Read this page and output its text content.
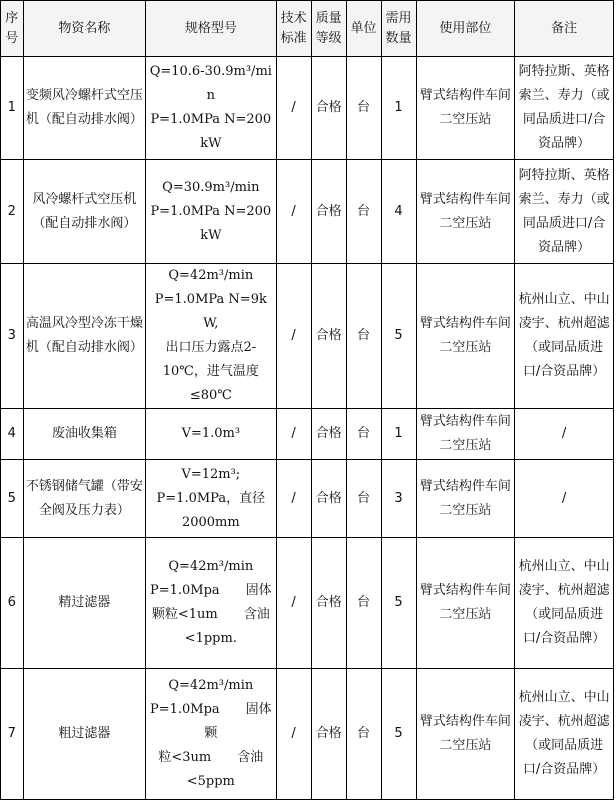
序号	物资名称	规格型号	技术标准	质量等级	单位	需用数量	使用部位	备注
1	变频风冷螺杆式空压机（配自动排水阀）	Q=10.6-30.9m³/min
P=1.0MPa N=200kW	/	合格	台	1	臂式结构件车间二空压站	阿特拉斯、英格索兰、寿力（或同品质进口/合资品牌）
2	风冷螺杆式空压机（配自动排水阀）	Q=30.9m³/min
P=1.0MPa N=200kW	/	合格	台	4	臂式结构件车间二空压站	阿特拉斯、英格索兰、寿力（或同品质进口/合资品牌）
3	高温风冷型冷冻干燥机（配自动排水阀）	Q=42m³/min
P=1.0MPa N=9kW,
出口压力露点2-
10℃，进气温度
≤80℃	/	合格	台	5	臂式结构件车间二空压站	杭州山立、中山凌宇、杭州超滤（或同品质进口/合资品牌）
4	废油收集箱	V=1.0m³	/	合格	台	1	臂式结构件车间二空压站	/
5	不锈钢储气罐（带安全阀及压力表）	V=12m³;
P=1.0MPa，直径
2000mm	/	合格	台	3	臂式结构件车间二空压站	/
6	精过滤器	Q=42m³/min
P=1.0Mpa　　固体
颗粒<1um　　含油
<1ppm.	/	合格	台	5	臂式结构件车间二空压站	杭州山立、中山凌宇、杭州超滤（或同品质进口/合资品牌）
7	粗过滤器	Q=42m³/min
P=1.0Mpa　　固体颗
粒<3um　　含油
<5ppm	/	合格	台	5	臂式结构件车间二空压站	杭州山立、中山凌宇、杭州超滤（或同品质进口/合资品牌）
